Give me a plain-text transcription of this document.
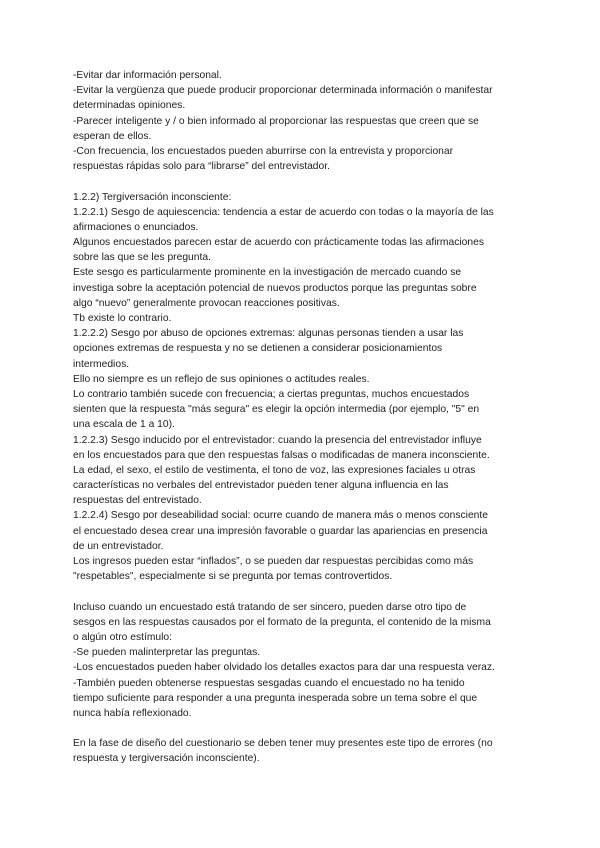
-Evitar dar información personal.
-Evitar la vergüenza que puede producir proporcionar determinada información o manifestar
determinadas opiniones.
-Parecer inteligente y / o bien informado al proporcionar las respuestas que creen que se
esperan de ellos.
-Con frecuencia, los encuestados pueden aburrirse con la entrevista y proporcionar
respuestas rápidas solo para “librarse” del entrevistador.
1.2.2) Tergiversación inconsciente:
1.2.2.1) Sesgo de aquiescencia: tendencia a estar de acuerdo con todas o la mayoría de las
afirmaciones o enunciados.
Algunos encuestados parecen estar de acuerdo con prácticamente todas las afirmaciones
sobre las que se les pregunta.
Este sesgo es particularmente prominente en la investigación de mercado cuando se
investiga sobre la aceptación potencial de nuevos productos porque las preguntas sobre
algo “nuevo” generalmente provocan reacciones positivas.
Tb existe lo contrario.
1.2.2.2) Sesgo por abuso de opciones extremas: algunas personas tienden a usar las
opciones extremas de respuesta y no se detienen a considerar posicionamientos
intermedios.
Ello no siempre es un reflejo de sus opiniones o actitudes reales.
Lo contrario también sucede con frecuencia; a ciertas preguntas, muchos encuestados
sienten que la respuesta "más segura" es elegir la opción intermedia (por ejemplo, "5" en
una escala de 1 a 10).
1.2.2.3) Sesgo inducido por el entrevistador: cuando la presencia del entrevistador influye
en los encuestados para que den respuestas falsas o modificadas de manera inconsciente.
La edad, el sexo, el estilo de vestimenta, el tono de voz, las expresiones faciales u otras
características no verbales del entrevistador pueden tener alguna influencia en las
respuestas del entrevistado.
1.2.2.4) Sesgo por deseabilidad social: ocurre cuando de manera más o menos consciente
el encuestado desea crear una impresión favorable o guardar las apariencias en presencia
de un entrevistador.
Los ingresos pueden estar “inflados”, o se pueden dar respuestas percibidas como más
"respetables", especialmente si se pregunta por temas controvertidos.
Incluso cuando un encuestado está tratando de ser sincero, pueden darse otro tipo de
sesgos en las respuestas causados por el formato de la pregunta, el contenido de la misma
o algún otro estímulo:
-Se pueden malinterpretar las preguntas.
-Los encuestados pueden haber olvidado los detalles exactos para dar una respuesta veraz.
-También pueden obtenerse respuestas sesgadas cuando el encuestado no ha tenido
tiempo suficiente para responder a una pregunta inesperada sobre un tema sobre el que
nunca había reflexionado.
En la fase de diseño del cuestionario se deben tener muy presentes este tipo de errores (no
respuesta y tergiversación inconsciente).
